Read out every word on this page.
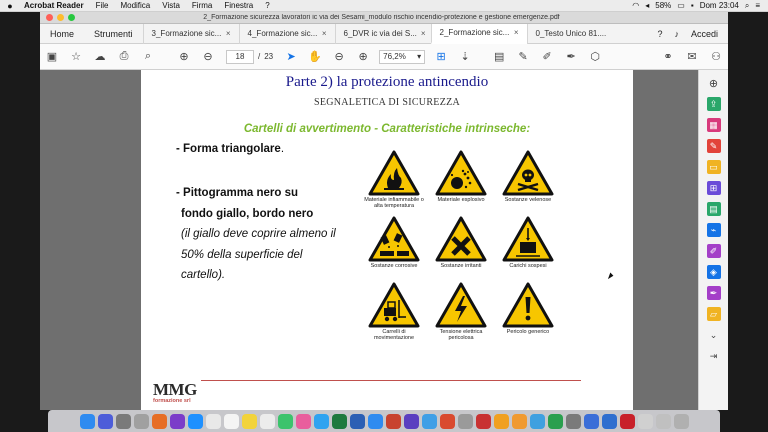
●	Acrobat Reader	File	Modifica	Vista	Firma	Finestra	?	◠ ◂ 58% ▭ ▪ Dom 23:04 ⌕ ≡
2_Formazione sicurezza lavoratori ic via dei Sesami_modulo rischio incendio-protezione e gestione emergenze.pdf
Home	Strumenti	3_Formazione sic... × 4_Formazione sic... × 6_DVR ic via dei S... × 2_Formazione sic... × 0_Testo Unico 81....	? ♪ Accedi
▣	☆	☁	⎙	⌕	⊕	⊖	18	/ 23	➤	✋	⊖	⊕	76,2% ▾	⊞	⇣	▤	✎	✐	✒	⬡	⚭	✉	⚇
Parte 2) la protezione antincendio
SEGNALETICA DI SICUREZZA
Cartelli di avvertimento - Caratteristiche intrinseche:
- Forma triangolare.
- Pittogramma nero su
fondo giallo, bordo nero
(il giallo deve coprire almeno il
50% della superficie del
cartello).
Materiale infiammabile o alta temperatura
Materiale esplosivo	Sostanze velenose
Sostanze corrosive	Sostanze irritanti	Carichi sospesi
Carrelli di movimentazione
Tensione elettrica pericolosa
Pericolo generico
MMG
formazione srl
⊕
⇪
▦
✎
▭
⊞
▤
⌁
✐
◈
✒
▱
⌄
⇥
